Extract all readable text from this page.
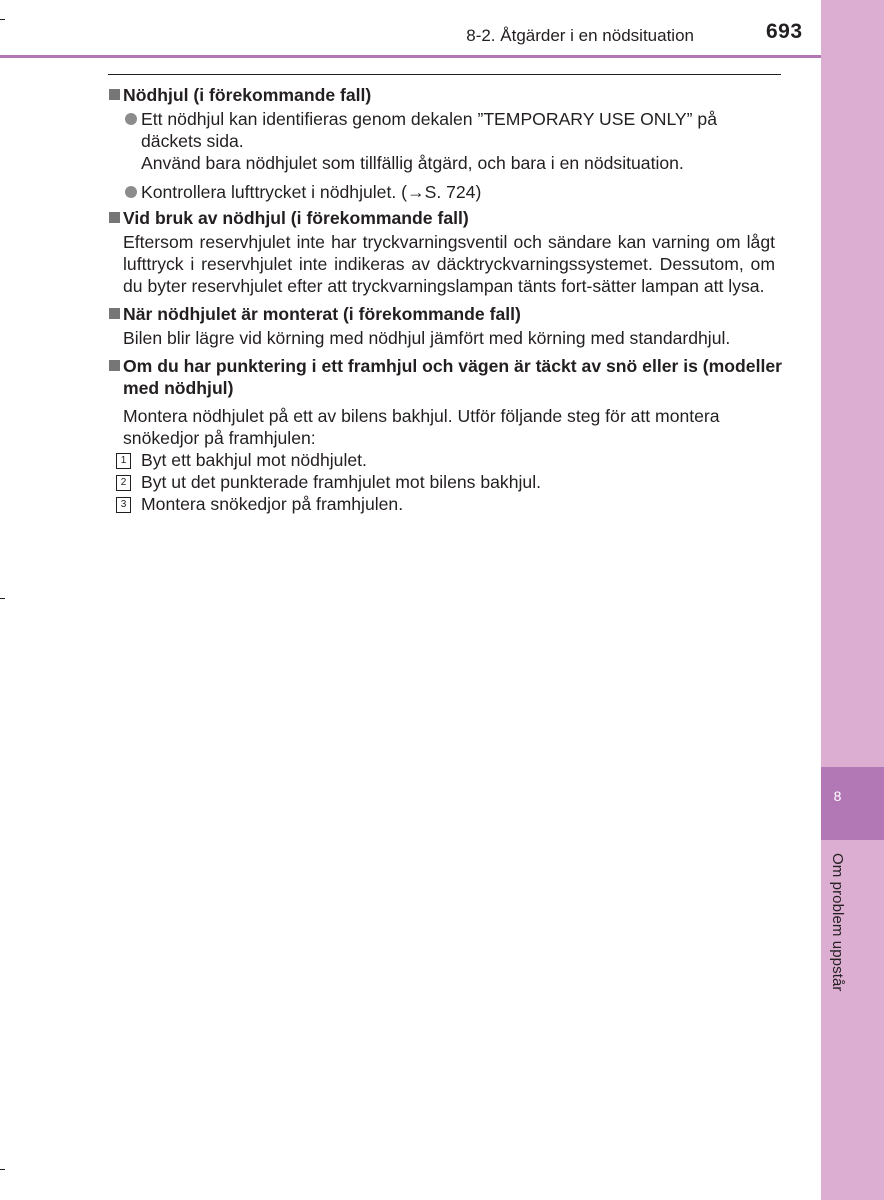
8
Om problem uppstår
8-2. Åtgärder i en nödsituation	693

Nödhjul (i förekommande fall)

Ett nödhjul kan identifieras genom dekalen ”TEMPORARY USE ONLY” på däckets sida.

Använd bara nödhjulet som tillfällig åtgärd, och bara i en nödsituation.

Kontrollera lufttrycket i nödhjulet. (→S. 724)

Vid bruk av nödhjul (i förekommande fall)

Eftersom reservhjulet inte har tryckvarningsventil och sändare kan varning om lågt lufttryck i reservhjulet inte indikeras av däcktryckvarningssystemet. Dessutom, om du byter reservhjulet efter att tryckvarningslampan tänts fort-sätter lampan att lysa.

När nödhjulet är monterat (i förekommande fall)

Bilen blir lägre vid körning med nödhjul jämfört med körning med standardhjul.

Om du har punktering i ett framhjul och vägen är täckt av snö eller is (modeller med nödhjul)

Montera nödhjulet på ett av bilens bakhjul. Utför följande steg för att montera snökedjor på framhjulen:

1 Byt ett bakhjul mot nödhjulet.

2 Byt ut det punkterade framhjulet mot bilens bakhjul.

3 Montera snökedjor på framhjulen.
